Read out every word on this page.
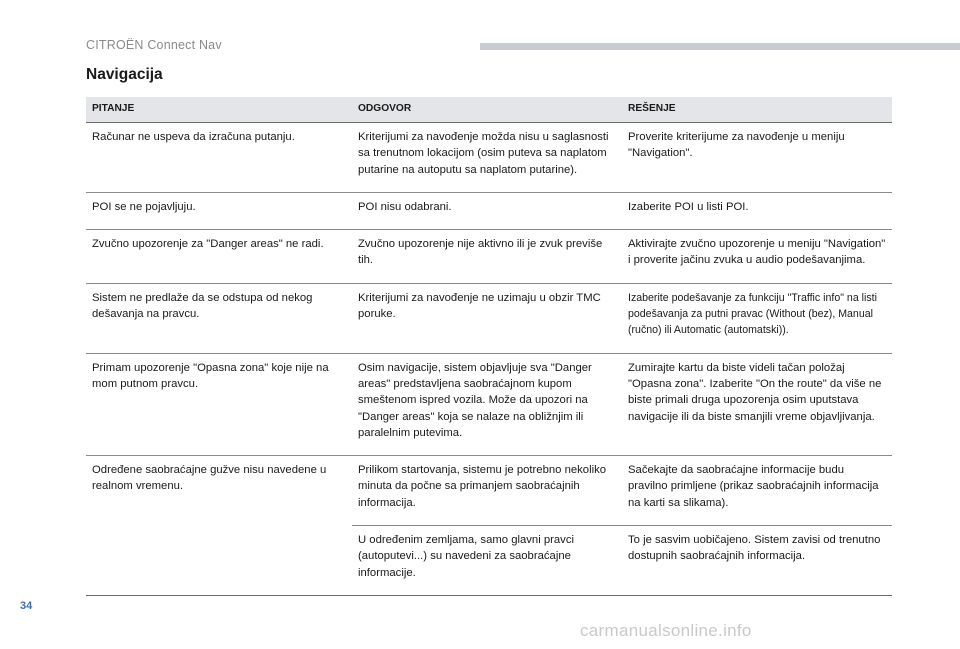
CITROËN Connect Nav
Navigacija
PITANJE	ODGOVOR	REŠENJE
Računar ne uspeva da izračuna putanju.	Kriterijumi za navođenje možda nisu u saglasnosti sa trenutnom lokacijom (osim puteva sa naplatom putarine na autoputu sa naplatom putarine).	Proverite kriterijume za navođenje u meniju "Navigation".
POI se ne pojavljuju.	POI nisu odabrani.	Izaberite POI u listi POI.
Zvučno upozorenje za "Danger areas" ne radi.	Zvučno upozorenje nije aktivno ili je zvuk previše tih.	Aktivirajte zvučno upozorenje u meniju "Navigation" i proverite jačinu zvuka u audio podešavanjima.
Sistem ne predlaže da se odstupa od nekog dešavanja na pravcu.	Kriterijumi za navođenje ne uzimaju u obzir TMC poruke.	Izaberite podešavanje za funkciju "Traffic info" na listi podešavanja za putni pravac (Without (bez), Manual (ručno) ili Automatic (automatski)).
Primam upozorenje "Opasna zona" koje nije na mom putnom pravcu.	Osim navigacije, sistem objavljuje sva "Danger areas" predstavljena saobraćajnom kupom smeštenom ispred vozila. Može da upozori na "Danger areas" koja se nalaze na obližnjim ili paralelnim putevima.	Zumirajte kartu da biste videli tačan položaj "Opasna zona". Izaberite "On the route" da više ne biste primali druga upozorenja osim uputstava navigacije ili da biste smanjili vreme objavljivanja.
Određene saobraćajne gužve nisu navedene u realnom vremenu.	Prilikom startovanja, sistemu je potrebno nekoliko minuta da počne sa primanjem saobraćajnih informacija.	Sačekajte da saobraćajne informacije budu pravilno primljene (prikaz saobraćajnih informacija na karti sa slikama).
	U određenim zemljama, samo glavni pravci (autoputevi...) su navedeni za saobraćajne informacije.	To je sasvim uobičajeno. Sistem zavisi od trenutno dostupnih saobraćajnih informacija.
34
carmanualsonline.info
